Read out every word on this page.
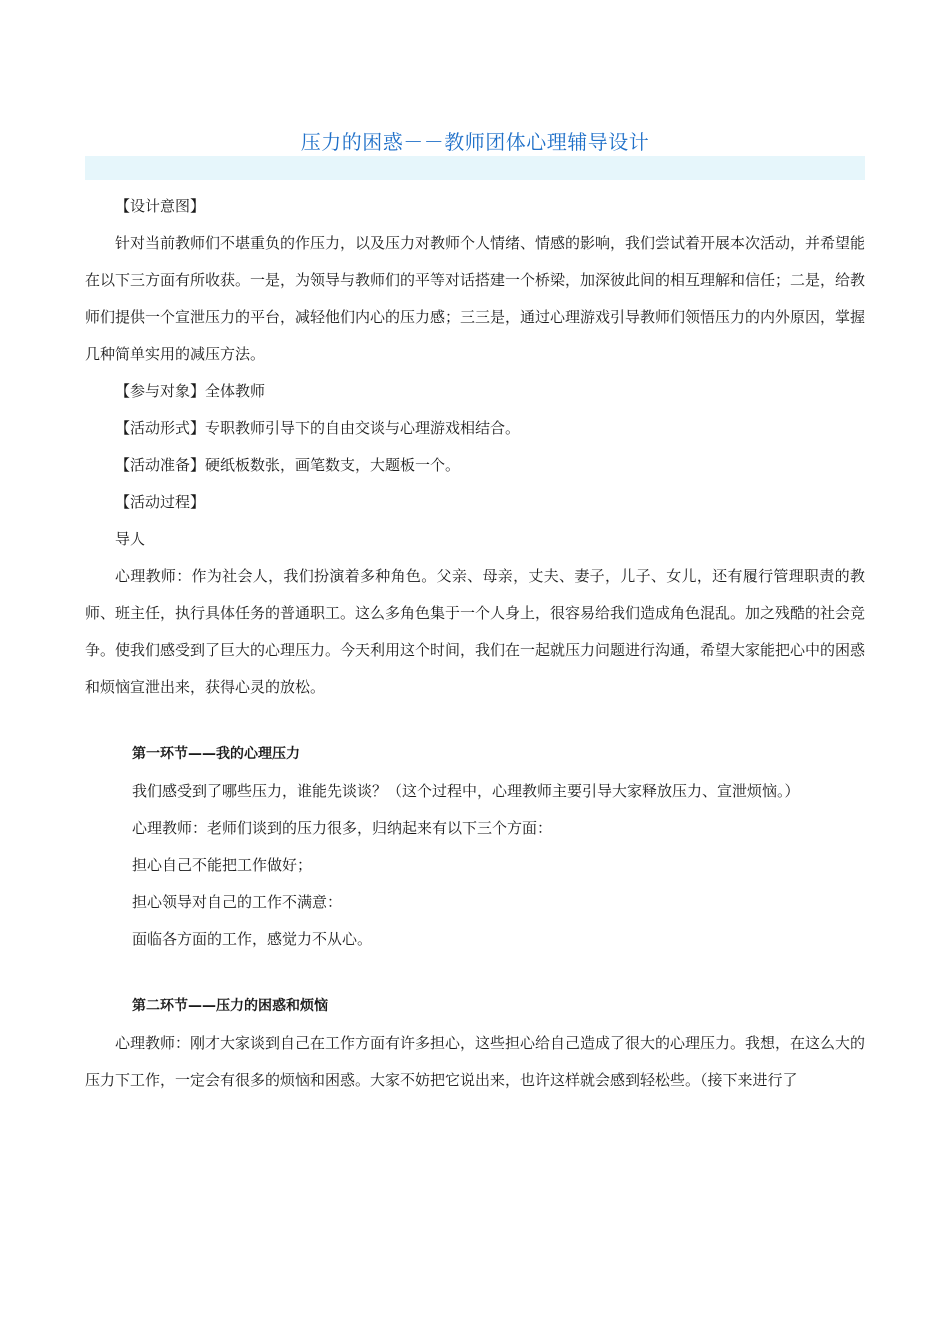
压力的困惑－－教师团体心理辅导设计

【设计意图】

针对当前教师们不堪重负的作压力，以及压力对教师个人情绪、情感的影响，我们尝试着开展本次活动，并希望能在以下三方面有所收获。一是，为领导与教师们的平等对话搭建一个桥梁，加深彼此间的相互理解和信任；二是，给教师们提供一个宣泄压力的平台，减轻他们内心的压力感；三三是，通过心理游戏引导教师们领悟压力的内外原因，掌握几种简单实用的减压方法。

【参与对象】全体教师

【活动形式】专职教师引导下的自由交谈与心理游戏相结合。

【活动准备】硬纸板数张，画笔数支，大题板一个。

【活动过程】

导人

心理教师：作为社会人，我们扮演着多种角色。父亲、母亲，丈夫、妻子，儿子、女儿，还有履行管理职责的教师、班主任，执行具体任务的普通职工。这么多角色集于一个人身上，很容易给我们造成角色混乱。加之残酷的社会竞争。使我们感受到了巨大的心理压力。今天利用这个时间，我们在一起就压力问题进行沟通，希望大家能把心中的困惑和烦恼宣泄出来，获得心灵的放松。

第一环节——我的心理压力

我们感受到了哪些压力，谁能先谈谈？（这个过程中，心理教师主要引导大家释放压力、宣泄烦恼。）

心理教师：老师们谈到的压力很多，归纳起来有以下三个方面：

担心自己不能把工作做好；

担心领导对自己的工作不满意：

面临各方面的工作，感觉力不从心。

第二环节——压力的困惑和烦恼

心理教师：刚才大家谈到自己在工作方面有许多担心，这些担心给自己造成了很大的心理压力。我想，在这么大的压力下工作，一定会有很多的烦恼和困惑。大家不妨把它说出来，也许这样就会感到轻松些。（接下来进行了
